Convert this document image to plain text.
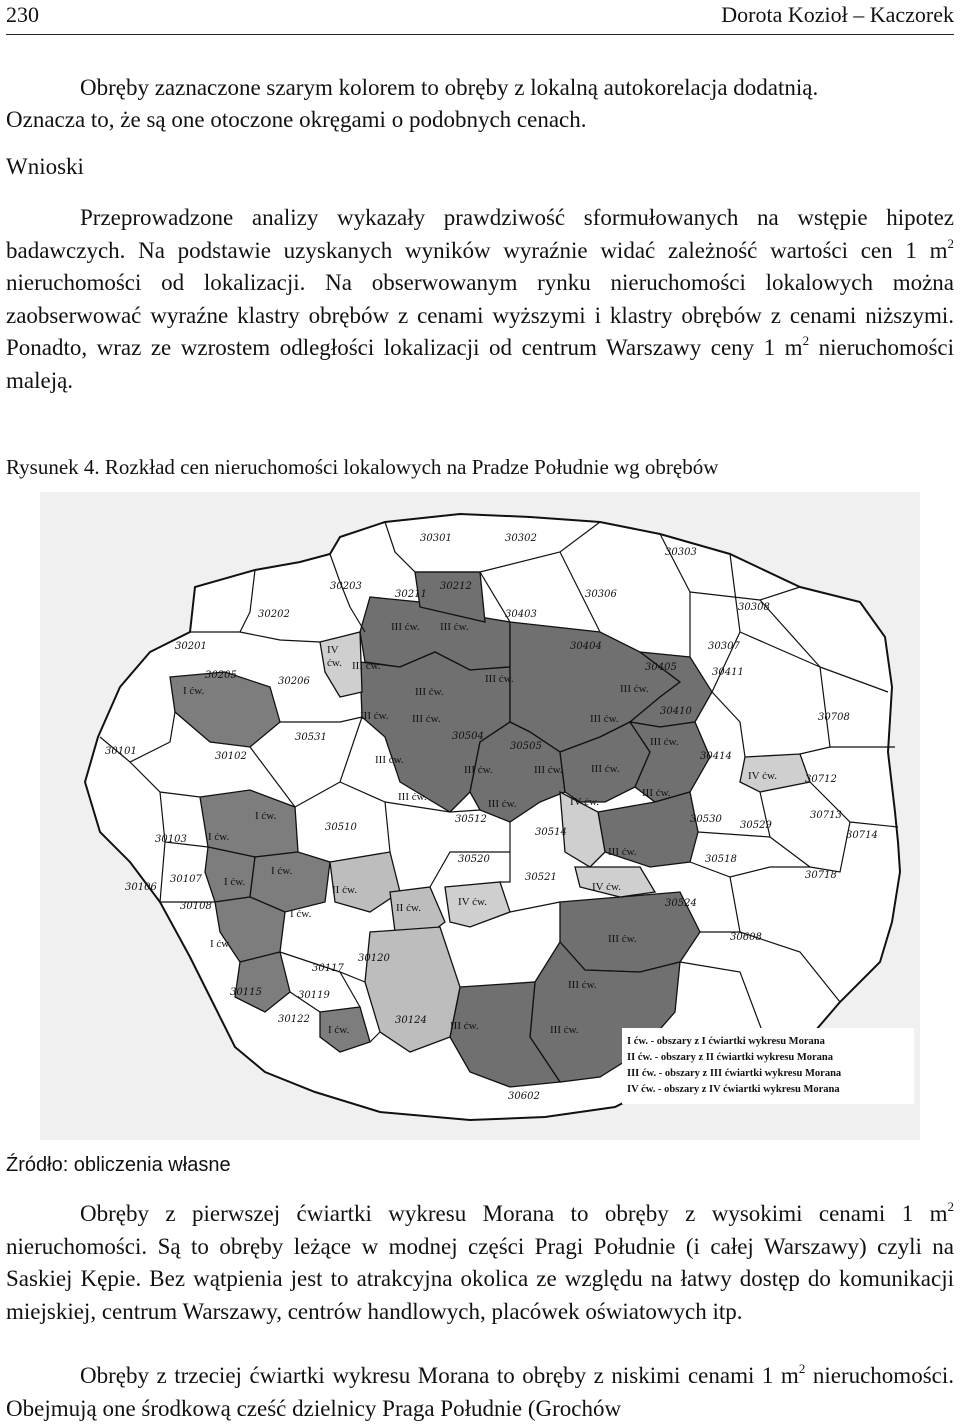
230	Dorota Kozioł – Kaczorek

Obręby zaznaczone szarym kolorem to obręby z lokalną autokorelacja dodatnią.

Oznacza to, że są one otoczone okręgami o podobnych cenach.

Wnioski

Przeprowadzone analizy wykazały prawdziwość sformułowanych na wstępie hipotez badawczych. Na podstawie uzyskanych wyników wyraźnie widać zależność wartości cen 1 $m^2$ nieruchomości od lokalizacji. Na obserwowanym rynku nieruchomości lokalowych można zaobserwować wyraźne klastry obrębów z cenami wyższymi i klastry obrębów z cenami niższymi. Ponadto, wraz ze wzrostem odległości lokalizacji od centrum Warszawy ceny 1 $m^2$ nieruchomości maleją.

Rysunek 4. Rozkład cen nieruchomości lokalowych na Pradze Południe wg obrębów
I ćw. - obszary z I ćwiartki wykresu Morana
II ćw. - obszary z II ćwiartki wykresu Morana
III ćw. - obszary z III ćwiartki wykresu Morana
IV ćw. - obszary z IV ćwiartki wykresu Morana
30301	30302
30303
30203
30211
30212
30306
30202	30403
30308
30201	30404	30307
30205
30206
30405	30411
30410
30708
30531	30504
30505
30101	30102	30414
30712
30510
30512
30514
30530
30529
30713
30714
30103
30520	30518
30107
30106
30521	30718
30108	30524
30608
30120
30117
30115	30119
30122	30124
30602
III ćw. III ćw.
IV
ćw. III ćw.
I ćw.	III ćw.
III ćw.
III ćw.
III ćw.
III ćw. III ćw.
III ćw.
III ćw.
III ćw.	III ćw.	III ćw.
IV ćw.
III ćw.
III ćw.	IV ćw.
III ćw.
I ćw.
I ćw.
III ćw.
I ćw.
I ćw.
II ćw.	IV ćw.
IV ćw.
II ćw.
I ćw.
III ćw.
I ćw.
III ćw.
I ćw.	III ćw.	III ćw.
Źródło: obliczenia własne

Obręby z pierwszej ćwiartki wykresu Morana to obręby z wysokimi cenami 1 $m^2$ nieruchomości. Są to obręby leżące w modnej części Pragi Południe (i całej Warszawy) czyli na Saskiej Kępie. Bez wątpienia jest to atrakcyjna okolica ze względu na łatwy dostęp do komunikacji miejskiej, centrum Warszawy, centrów handlowych, placówek oświatowych itp.

Obręby z trzeciej ćwiartki wykresu Morana to obręby z niskimi cenami 1 $m^2$ nieruchomości. Obejmują one środkową cześć dzielnicy Praga Południe (Grochów
